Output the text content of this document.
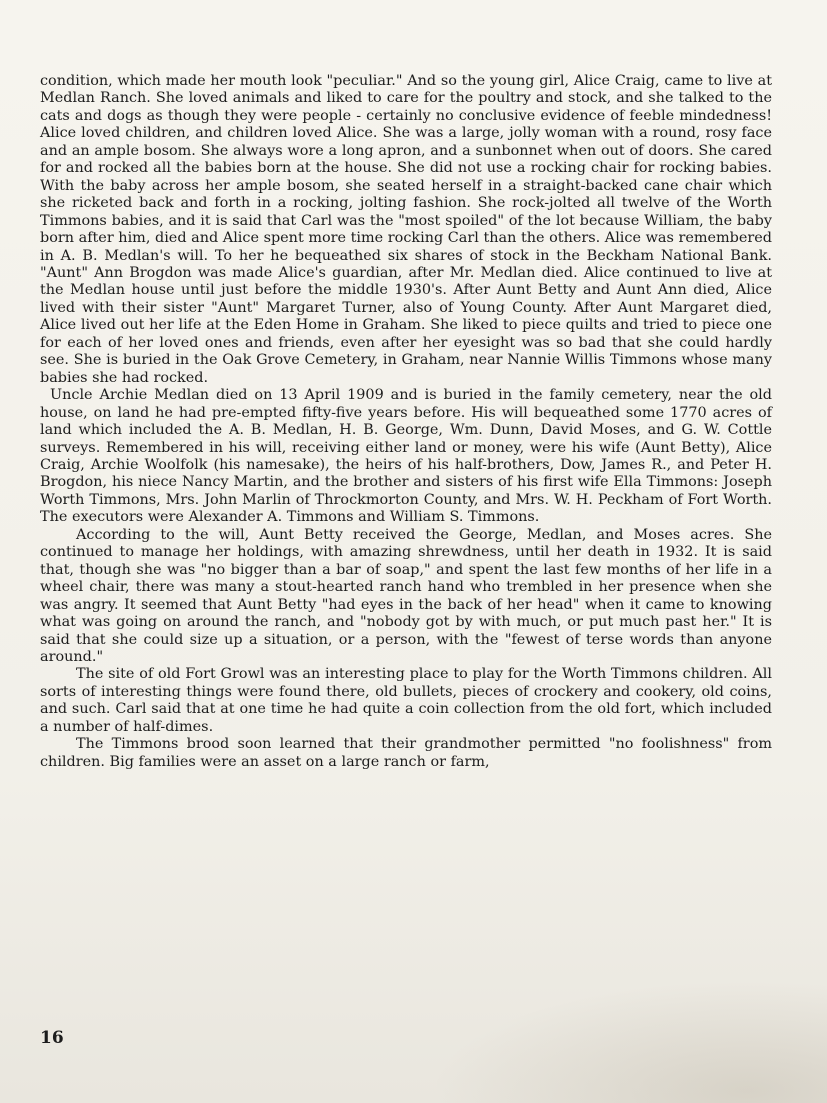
condition, which made her mouth look "peculiar." And so the young girl, Alice Craig, came to live at Medlan Ranch. She loved animals and liked to care for the poultry and stock, and she talked to the cats and dogs as though they were people - certainly no conclusive evidence of feeble mindedness! Alice loved children, and children loved Alice. She was a large, jolly woman with a round, rosy face and an ample bosom. She always wore a long apron, and a sunbonnet when out of doors. She cared for and rocked all the babies born at the house. She did not use a rocking chair for rocking babies. With the baby across her ample bosom, she seated herself in a straight-backed cane chair which she ricketed back and forth in a rocking, jolting fashion. She rock-jolted all twelve of the Worth Timmons babies, and it is said that Carl was the "most spoiled" of the lot because William, the baby born after him, died and Alice spent more time rocking Carl than the others. Alice was remembered in A. B. Medlan's will. To her he bequeathed six shares of stock in the Beckham National Bank. "Aunt" Ann Brogdon was made Alice's guardian, after Mr. Medlan died. Alice continued to live at the Medlan house until just before the middle 1930's. After Aunt Betty and Aunt Ann died, Alice lived with their sister "Aunt" Margaret Turner, also of Young County. After Aunt Margaret died, Alice lived out her life at the Eden Home in Graham. She liked to piece quilts and tried to piece one for each of her loved ones and friends, even after her eyesight was so bad that she could hardly see. She is buried in the Oak Grove Cemetery, in Graham, near Nannie Willis Timmons whose many babies she had rocked.

Uncle Archie Medlan died on 13 April 1909 and is buried in the family cemetery, near the old house, on land he had pre-empted fifty-five years before. His will bequeathed some 1770 acres of land which included the A. B. Medlan, H. B. George, Wm. Dunn, David Moses, and G. W. Cottle surveys. Remembered in his will, receiving either land or money, were his wife (Aunt Betty), Alice Craig, Archie Woolfolk (his namesake), the heirs of his half-brothers, Dow, James R., and Peter H. Brogdon, his niece Nancy Martin, and the brother and sisters of his first wife Ella Timmons: Joseph Worth Timmons, Mrs. John Marlin of Throckmorton County, and Mrs. W. H. Peckham of Fort Worth. The executors were Alexander A. Timmons and William S. Timmons.

According to the will, Aunt Betty received the George, Medlan, and Moses acres. She continued to manage her holdings, with amazing shrewdness, until her death in 1932. It is said that, though she was "no bigger than a bar of soap," and spent the last few months of her life in a wheel chair, there was many a stout-hearted ranch hand who trembled in her presence when she was angry. It seemed that Aunt Betty "had eyes in the back of her head" when it came to knowing what was going on around the ranch, and "nobody got by with much, or put much past her." It is said that she could size up a situation, or a person, with the "fewest of terse words than anyone around."

The site of old Fort Growl was an interesting place to play for the Worth Timmons children. All sorts of interesting things were found there, old bullets, pieces of crockery and cookery, old coins, and such. Carl said that at one time he had quite a coin collection from the old fort, which included a number of half-dimes.

The Timmons brood soon learned that their grandmother permitted "no foolishness" from children. Big families were an asset on a large ranch or farm,

16
